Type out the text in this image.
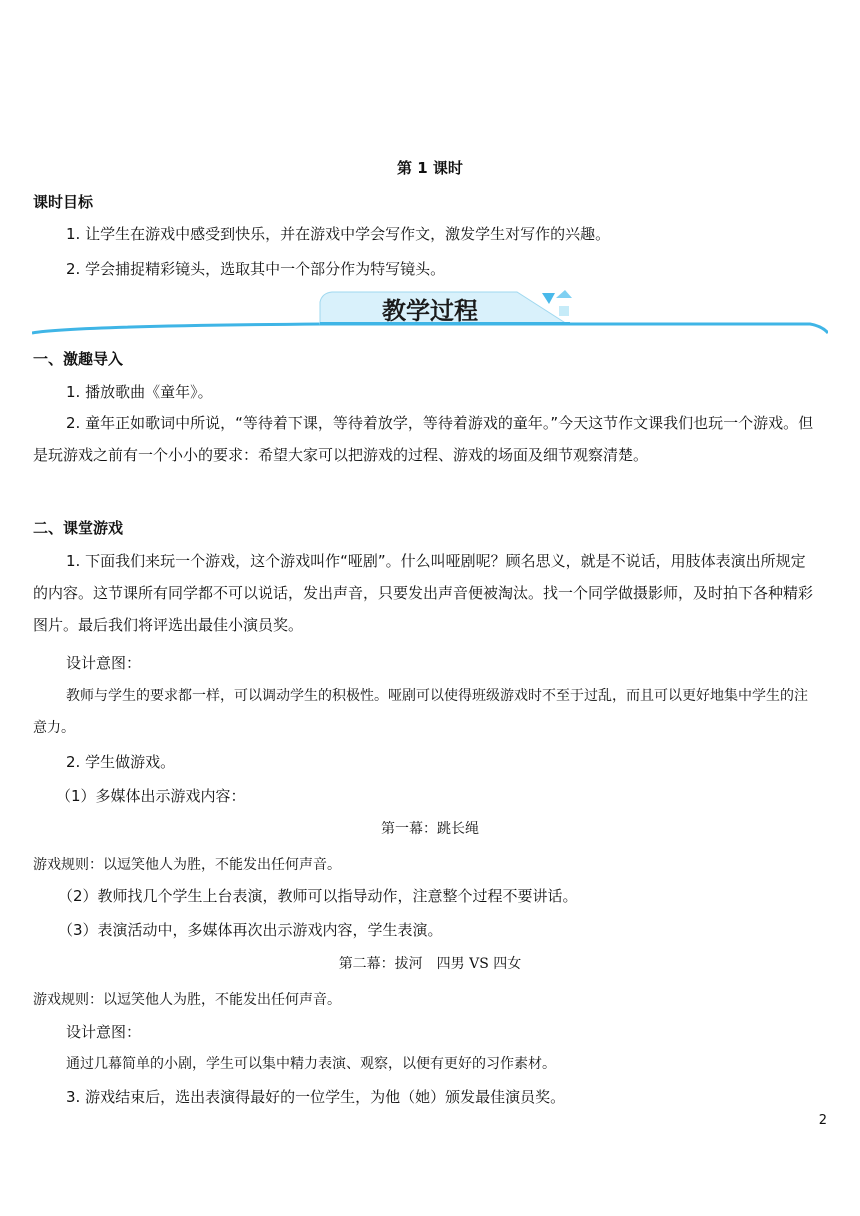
第 1 课时
课时目标
1. 让学生在游戏中感受到快乐，并在游戏中学会写作文，激发学生对写作的兴趣。
2. 学会捕捉精彩镜头，选取其中一个部分作为特写镜头。
教学过程
一、激趣导入
1. 播放歌曲《童年》。
2. 童年正如歌词中所说，“等待着下课，等待着放学，等待着游戏的童年。”今天这节作文课我们也玩一个游戏。但是玩游戏之前有一个小小的要求：希望大家可以把游戏的过程、游戏的场面及细节观察清楚。
二、课堂游戏
1. 下面我们来玩一个游戏，这个游戏叫作“哑剧”。什么叫哑剧呢？顾名思义，就是不说话，用肢体表演出所规定的内容。这节课所有同学都不可以说话，发出声音，只要发出声音便被淘汰。找一个同学做摄影师，及时拍下各种精彩图片。最后我们将评选出最佳小演员奖。
设计意图：
教师与学生的要求都一样，可以调动学生的积极性。哑剧可以使得班级游戏时不至于过乱，而且可以更好地集中学生的注意力。
2. 学生做游戏。
（1）多媒体出示游戏内容：
第一幕：跳长绳
游戏规则：以逗笑他人为胜，不能发出任何声音。
（2）教师找几个学生上台表演，教师可以指导动作，注意整个过程不要讲话。
（3）表演活动中，多媒体再次出示游戏内容，学生表演。
第二幕：拔河　四男 VS 四女
游戏规则：以逗笑他人为胜，不能发出任何声音。
设计意图：
通过几幕简单的小剧，学生可以集中精力表演、观察，以便有更好的习作素材。
3. 游戏结束后，选出表演得最好的一位学生，为他（她）颁发最佳演员奖。
2
